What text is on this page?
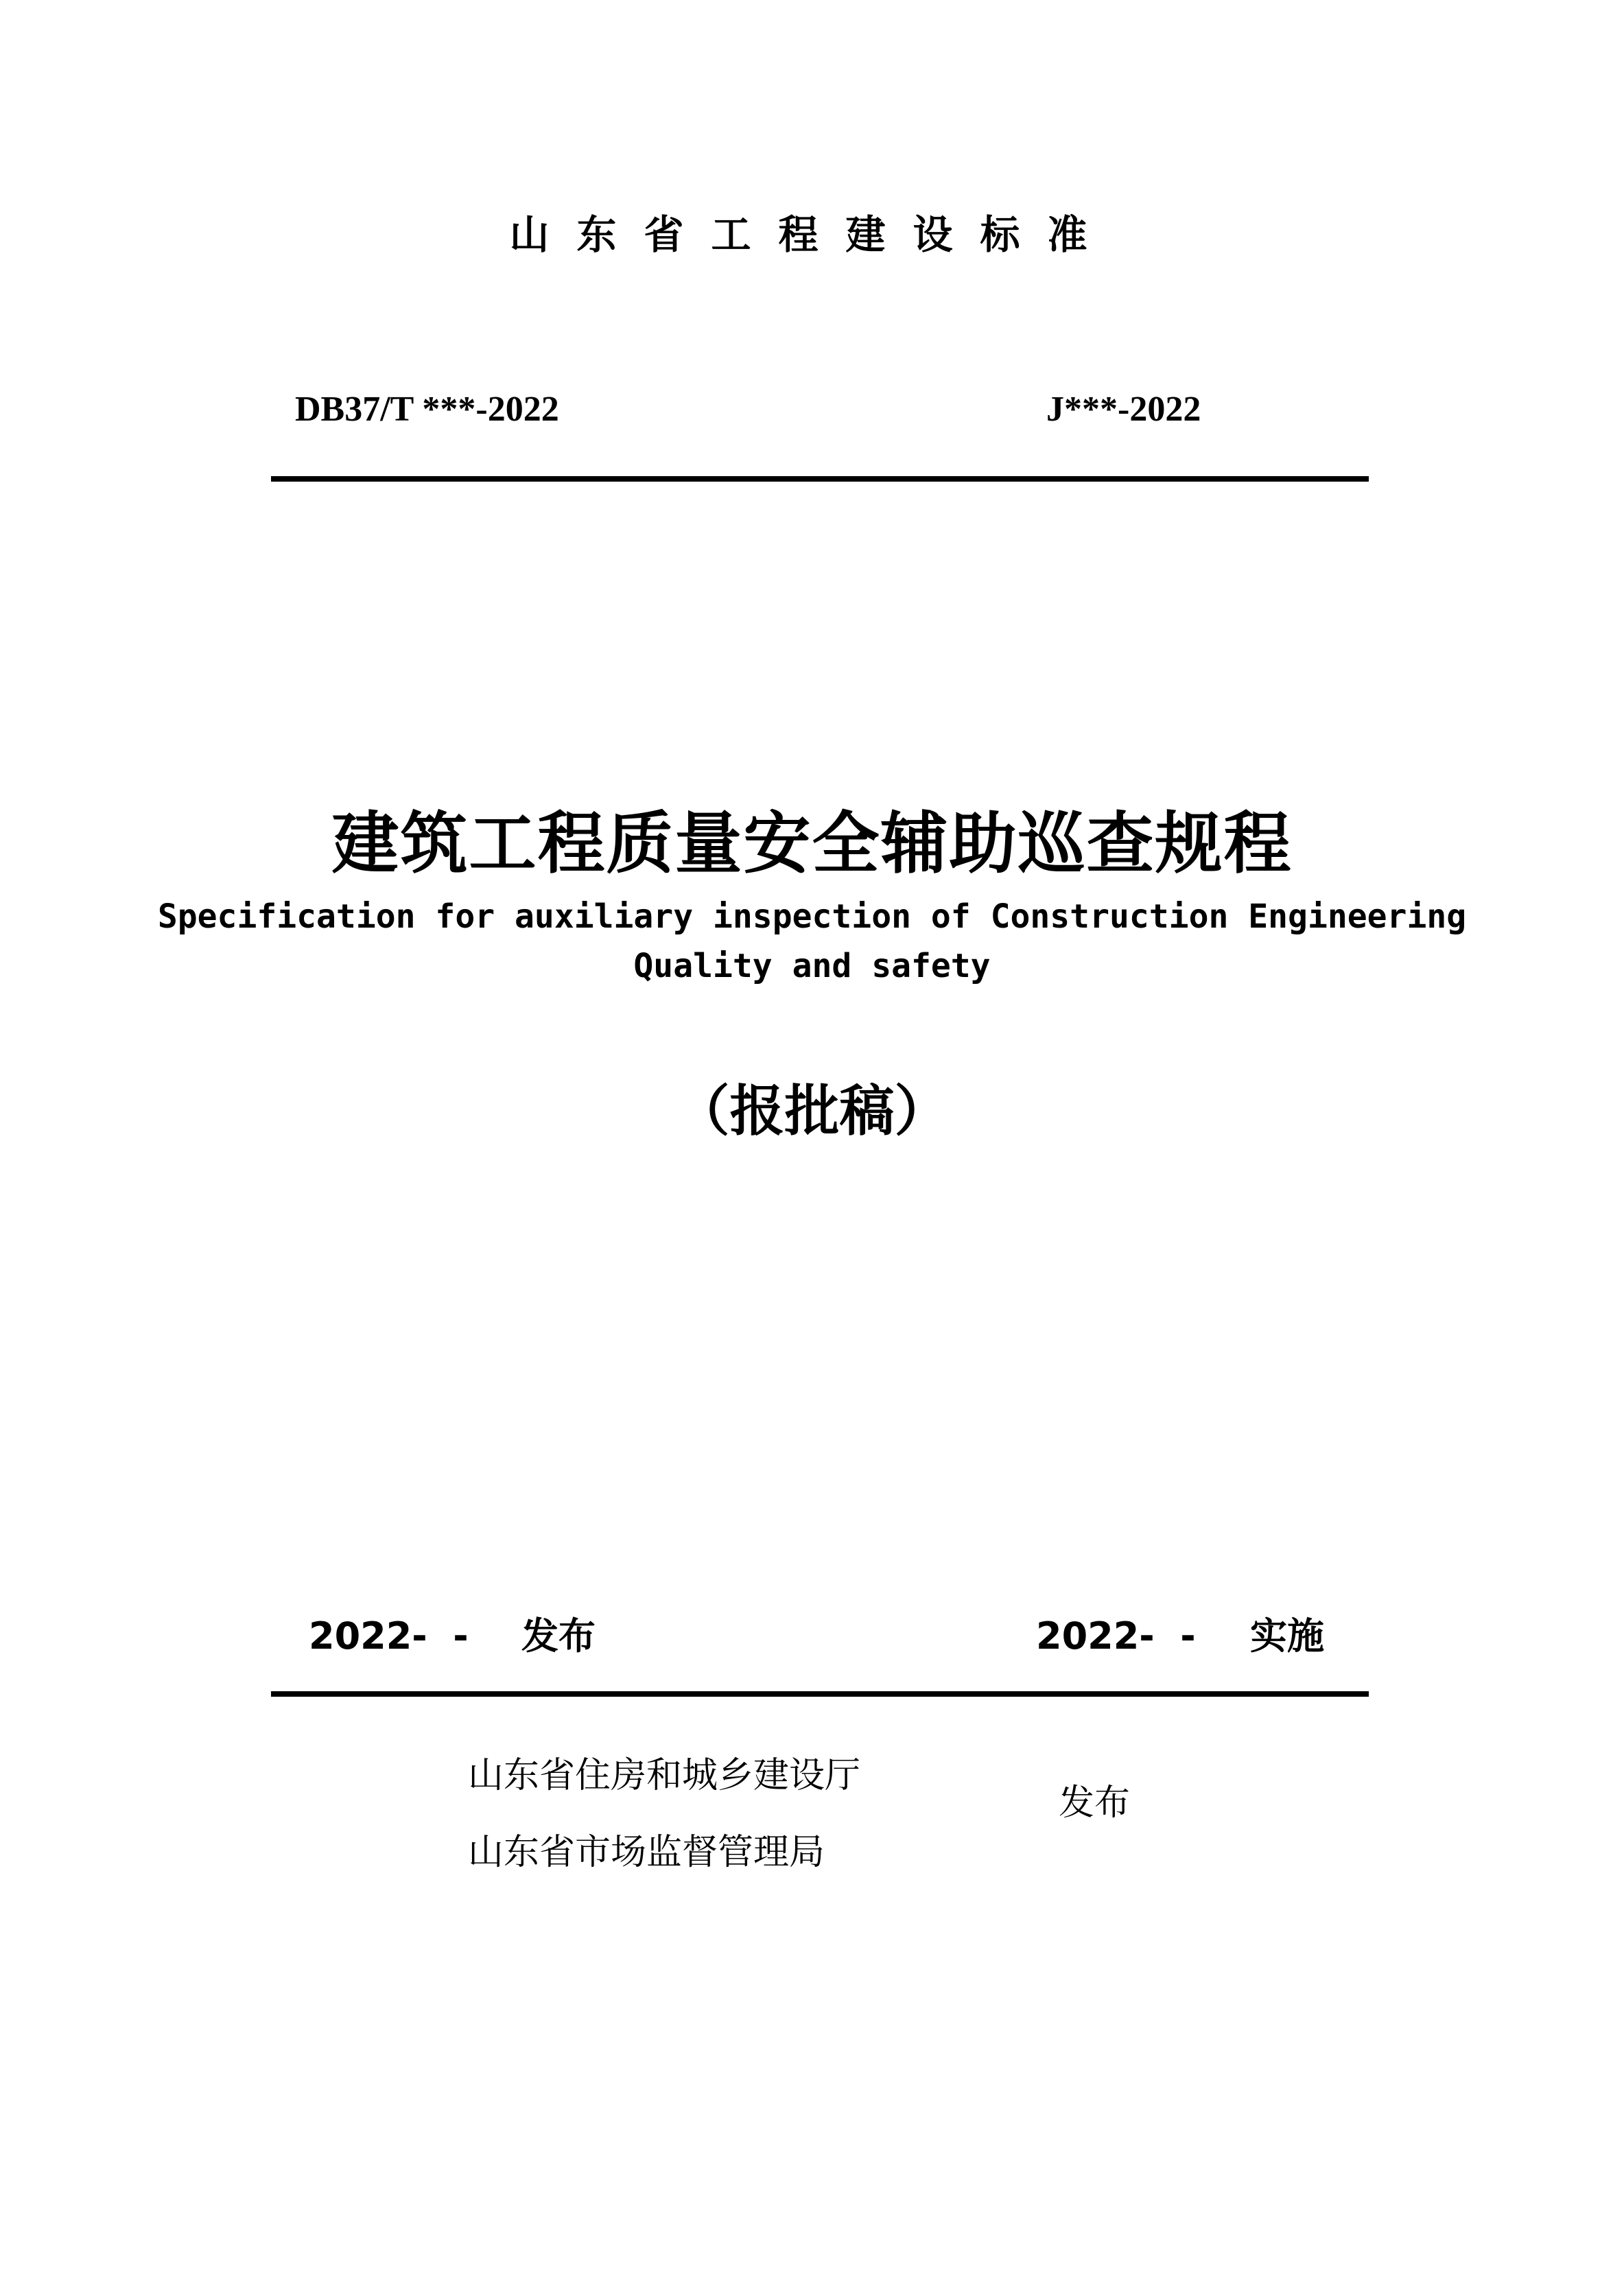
山东省工程建设标准
DB37/T ***-2022	J***-2022
建筑工程质量安全辅助巡查规程
Specification for auxiliary inspection of Construction Engineering
Quality and safety
（报批稿）
2022-  - 发布	2022-  - 实施
山东省住房和城乡建设厅
山东省市场监督管理局
发布
